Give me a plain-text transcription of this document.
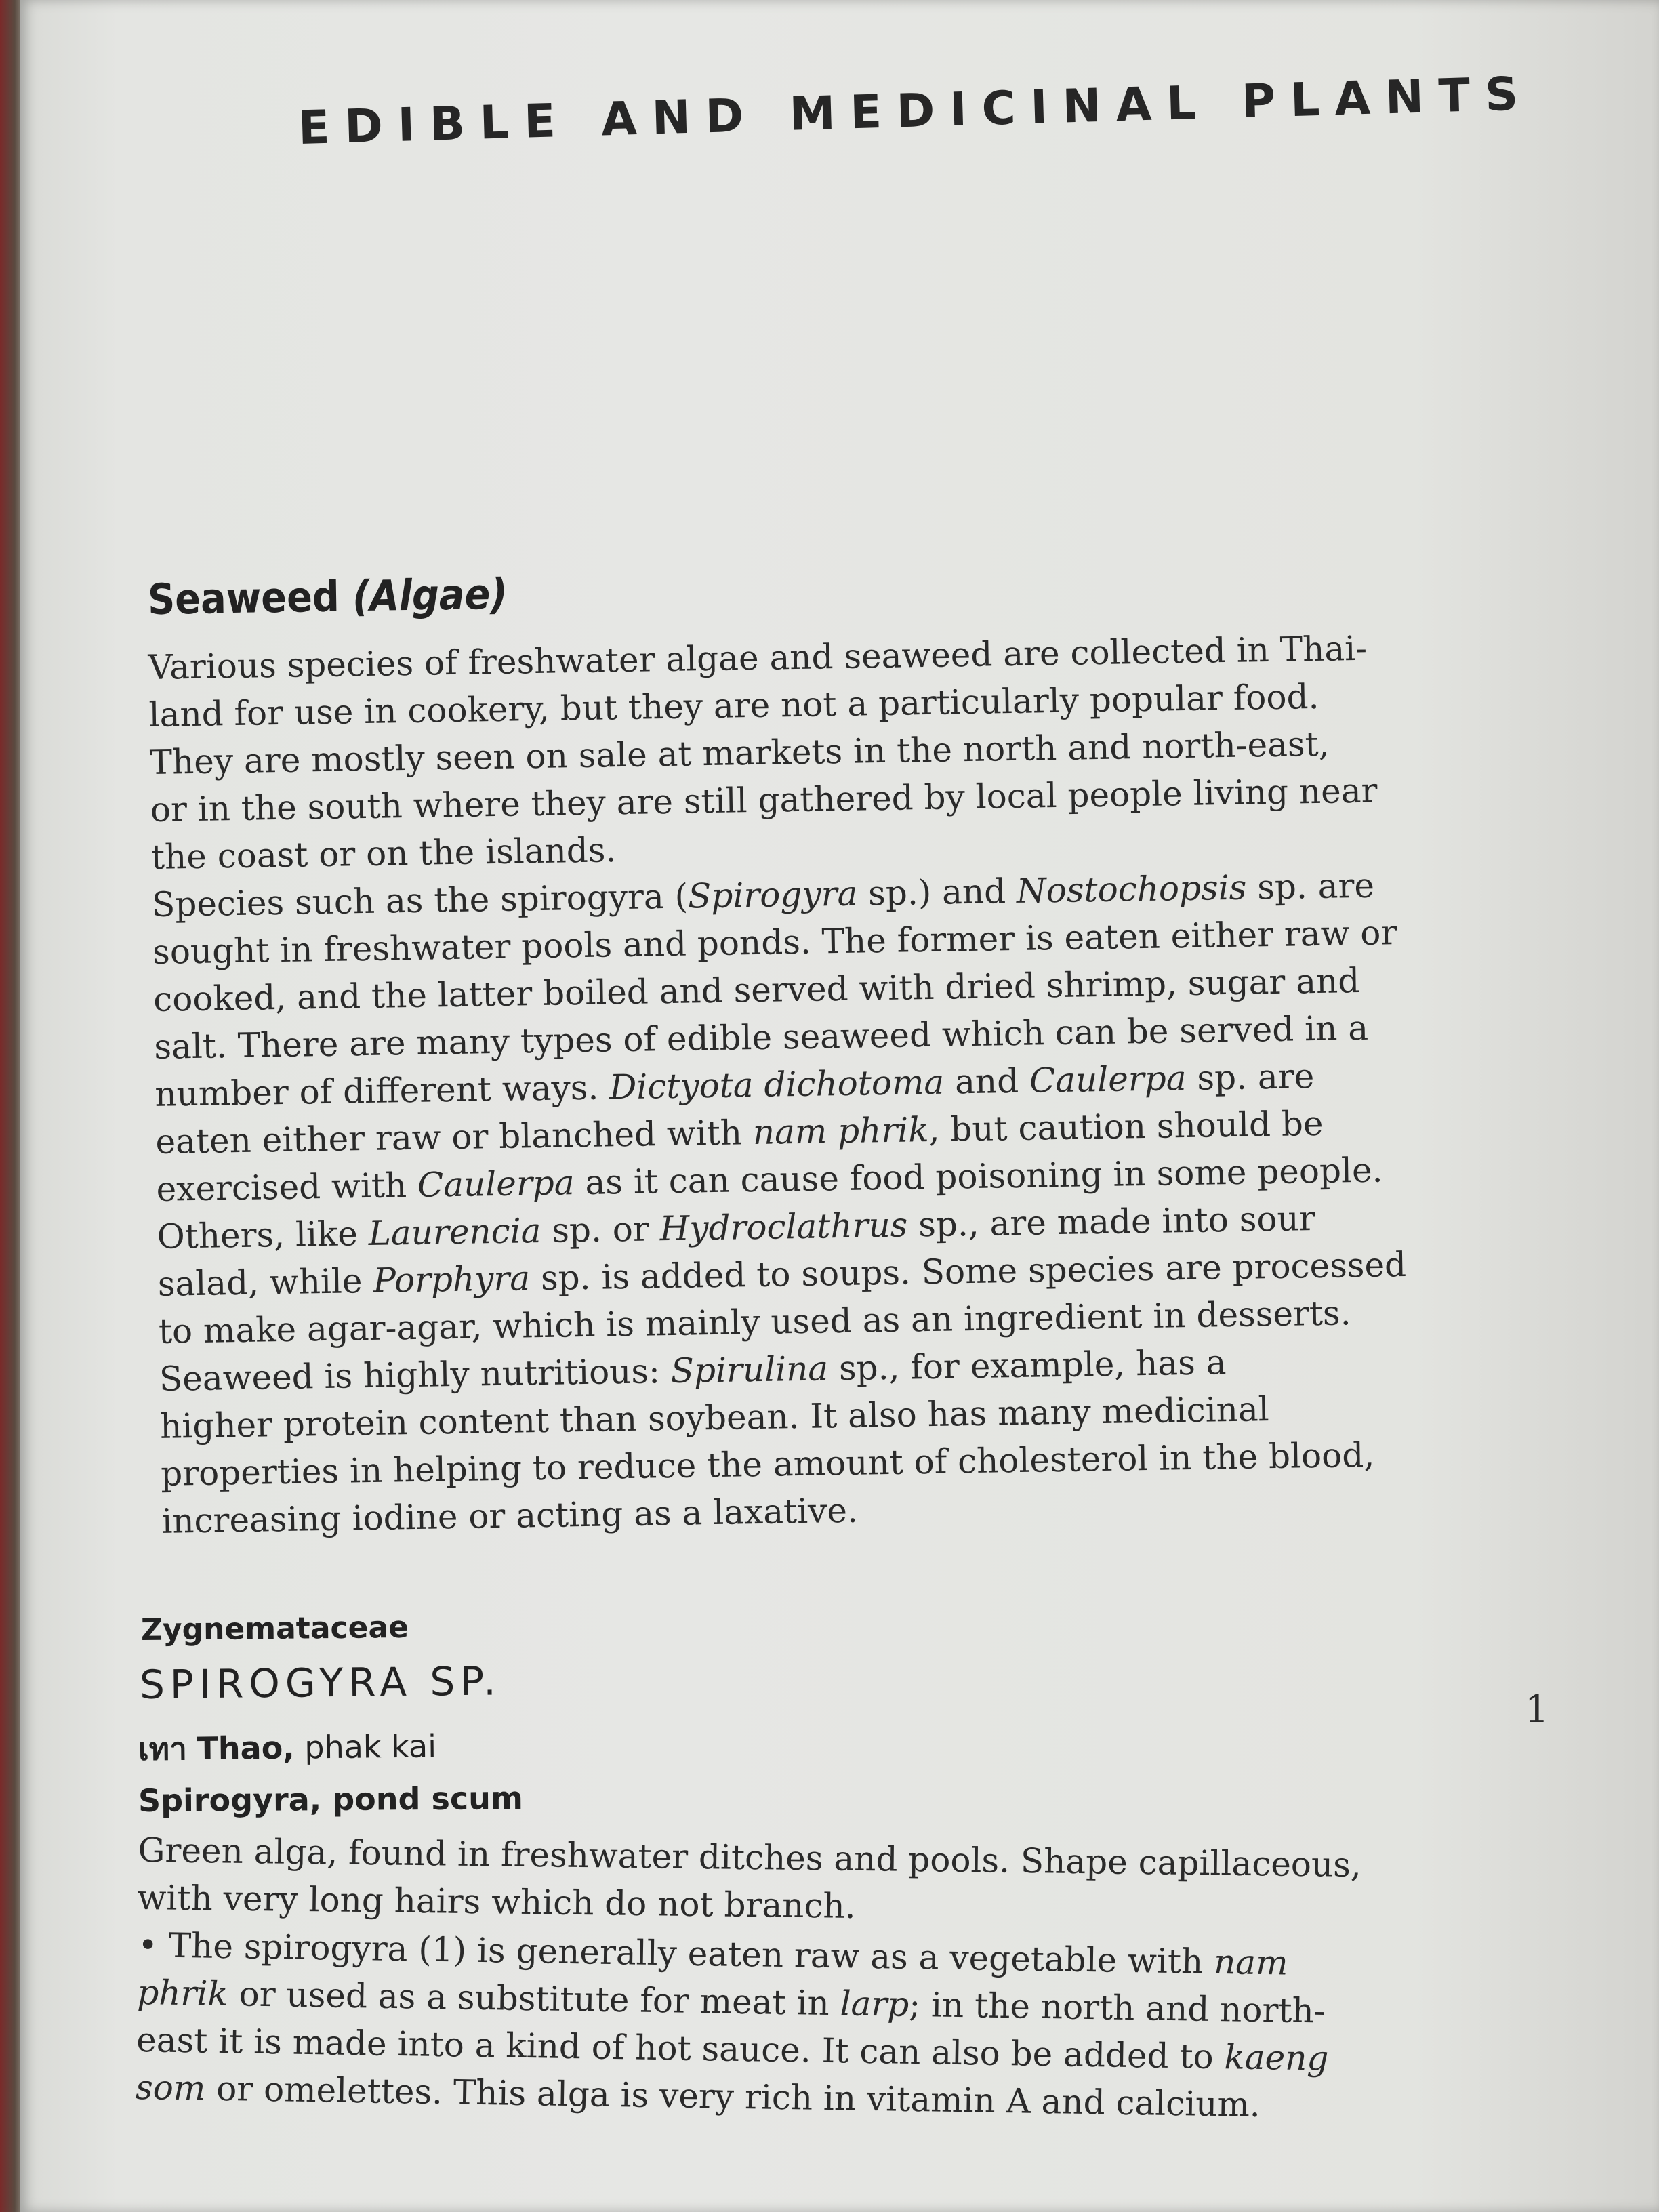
EDIBLE AND MEDICINAL PLANTS
Seaweed (Algae)

Various species of freshwater algae and seaweed are collected in Thai-
land for use in cookery, but they are not a particularly popular food.
They are mostly seen on sale at markets in the north and north-east,
or in the south where they are still gathered by local people living near
the coast or on the islands.

Species such as the spirogyra (Spirogyra sp.) and Nostochopsis sp. are
sought in freshwater pools and ponds. The former is eaten either raw or
cooked, and the latter boiled and served with dried shrimp, sugar and
salt. There are many types of edible seaweed which can be served in a
number of different ways. Dictyota dichotoma and Caulerpa sp. are
eaten either raw or blanched with nam phrik, but caution should be
exercised with Caulerpa as it can cause food poisoning in some people.
Others, like Laurencia sp. or Hydroclathrus sp., are made into sour
salad, while Porphyra sp. is added to soups. Some species are processed
to make agar-agar, which is mainly used as an ingredient in desserts.
Seaweed is highly nutritious: Spirulina sp., for example, has a
higher protein content than soybean. It also has many medicinal
properties in helping to reduce the amount of cholesterol in the blood,
increasing iodine or acting as a laxative.

Zygnemataceae
SPIROGYRA SP.
เทา Thao, phak kai
Spirogyra, pond scum

Green alga, found in freshwater ditches and pools. Shape capillaceous,
with very long hairs which do not branch.

• The spirogyra (1) is generally eaten raw as a vegetable with nam
phrik or used as a substitute for meat in larp; in the north and north-
east it is made into a kind of hot sauce. It can also be added to kaeng
som or omelettes. This alga is very rich in vitamin A and calcium.

1
